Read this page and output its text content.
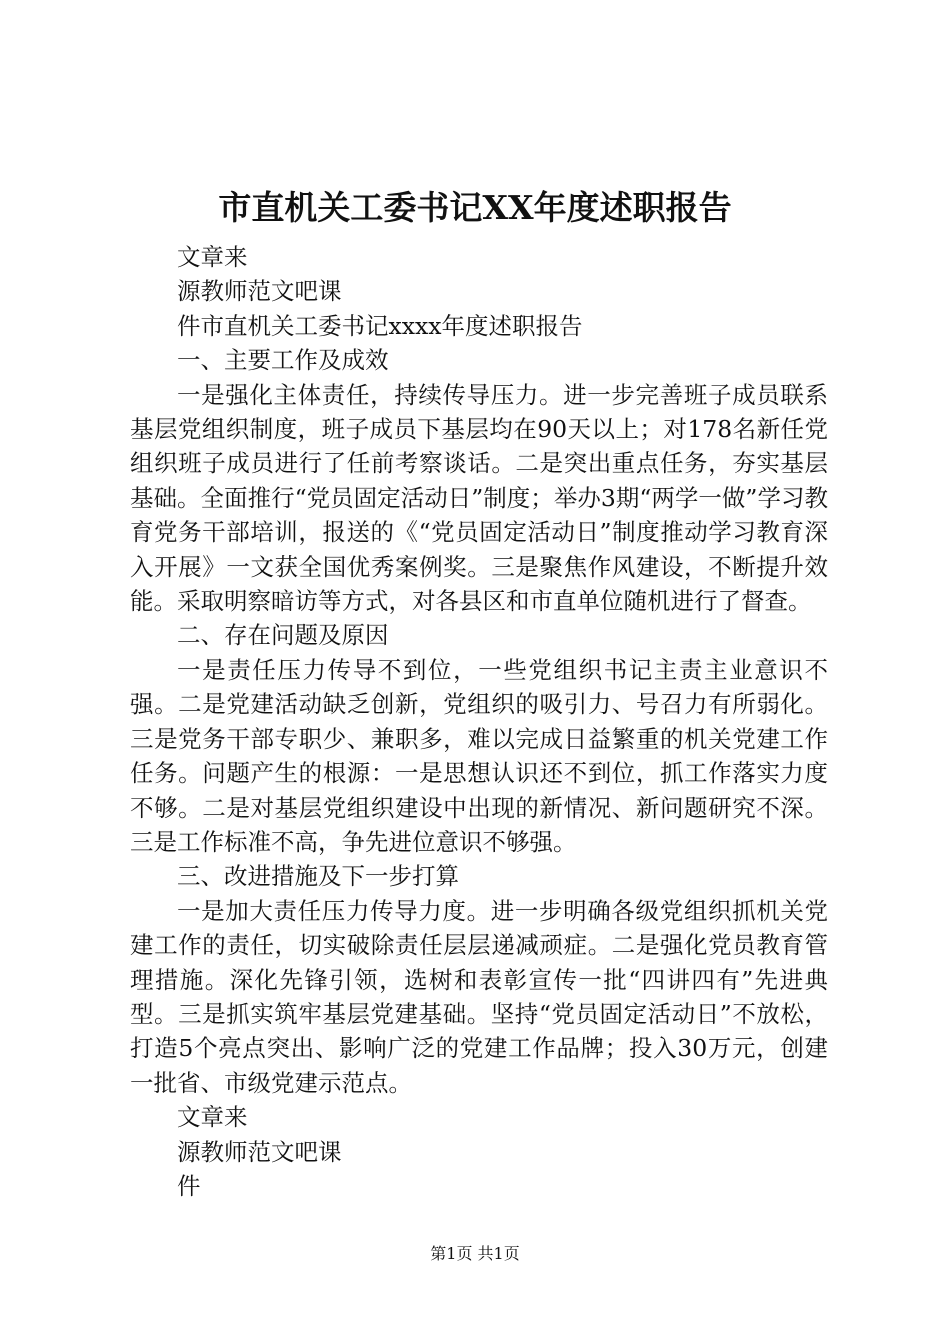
市直机关工委书记XX年度述职报告

文章来

源教师范文吧课

件市直机关工委书记xxxx年度述职报告

一、主要工作及成效

一是强化主体责任，持续传导压力。进一步完善班子成员联系基层党组织制度，班子成员下基层均在90天以上；对178名新任党组织班子成员进行了任前考察谈话。二是突出重点任务，夯实基层基础。全面推行“党员固定活动日”制度；举办3期“两学一做”学习教育党务干部培训，报送的《“党员固定活动日”制度推动学习教育深入开展》一文获全国优秀案例奖。三是聚焦作风建设，不断提升效能。采取明察暗访等方式，对各县区和市直单位随机进行了督查。

二、存在问题及原因

一是责任压力传导不到位，一些党组织书记主责主业意识不强。二是党建活动缺乏创新，党组织的吸引力、号召力有所弱化。三是党务干部专职少、兼职多，难以完成日益繁重的机关党建工作任务。问题产生的根源：一是思想认识还不到位，抓工作落实力度不够。二是对基层党组织建设中出现的新情况、新问题研究不深。三是工作标准不高，争先进位意识不够强。

三、改进措施及下一步打算

一是加大责任压力传导力度。进一步明确各级党组织抓机关党建工作的责任，切实破除责任层层递减顽症。二是强化党员教育管理措施。深化先锋引领，选树和表彰宣传一批“四讲四有”先进典型。三是抓实筑牢基层党建基础。坚持“党员固定活动日”不放松，打造5个亮点突出、影响广泛的党建工作品牌；投入30万元，创建一批省、市级党建示范点。

文章来

源教师范文吧课

件

第1页 共1页
